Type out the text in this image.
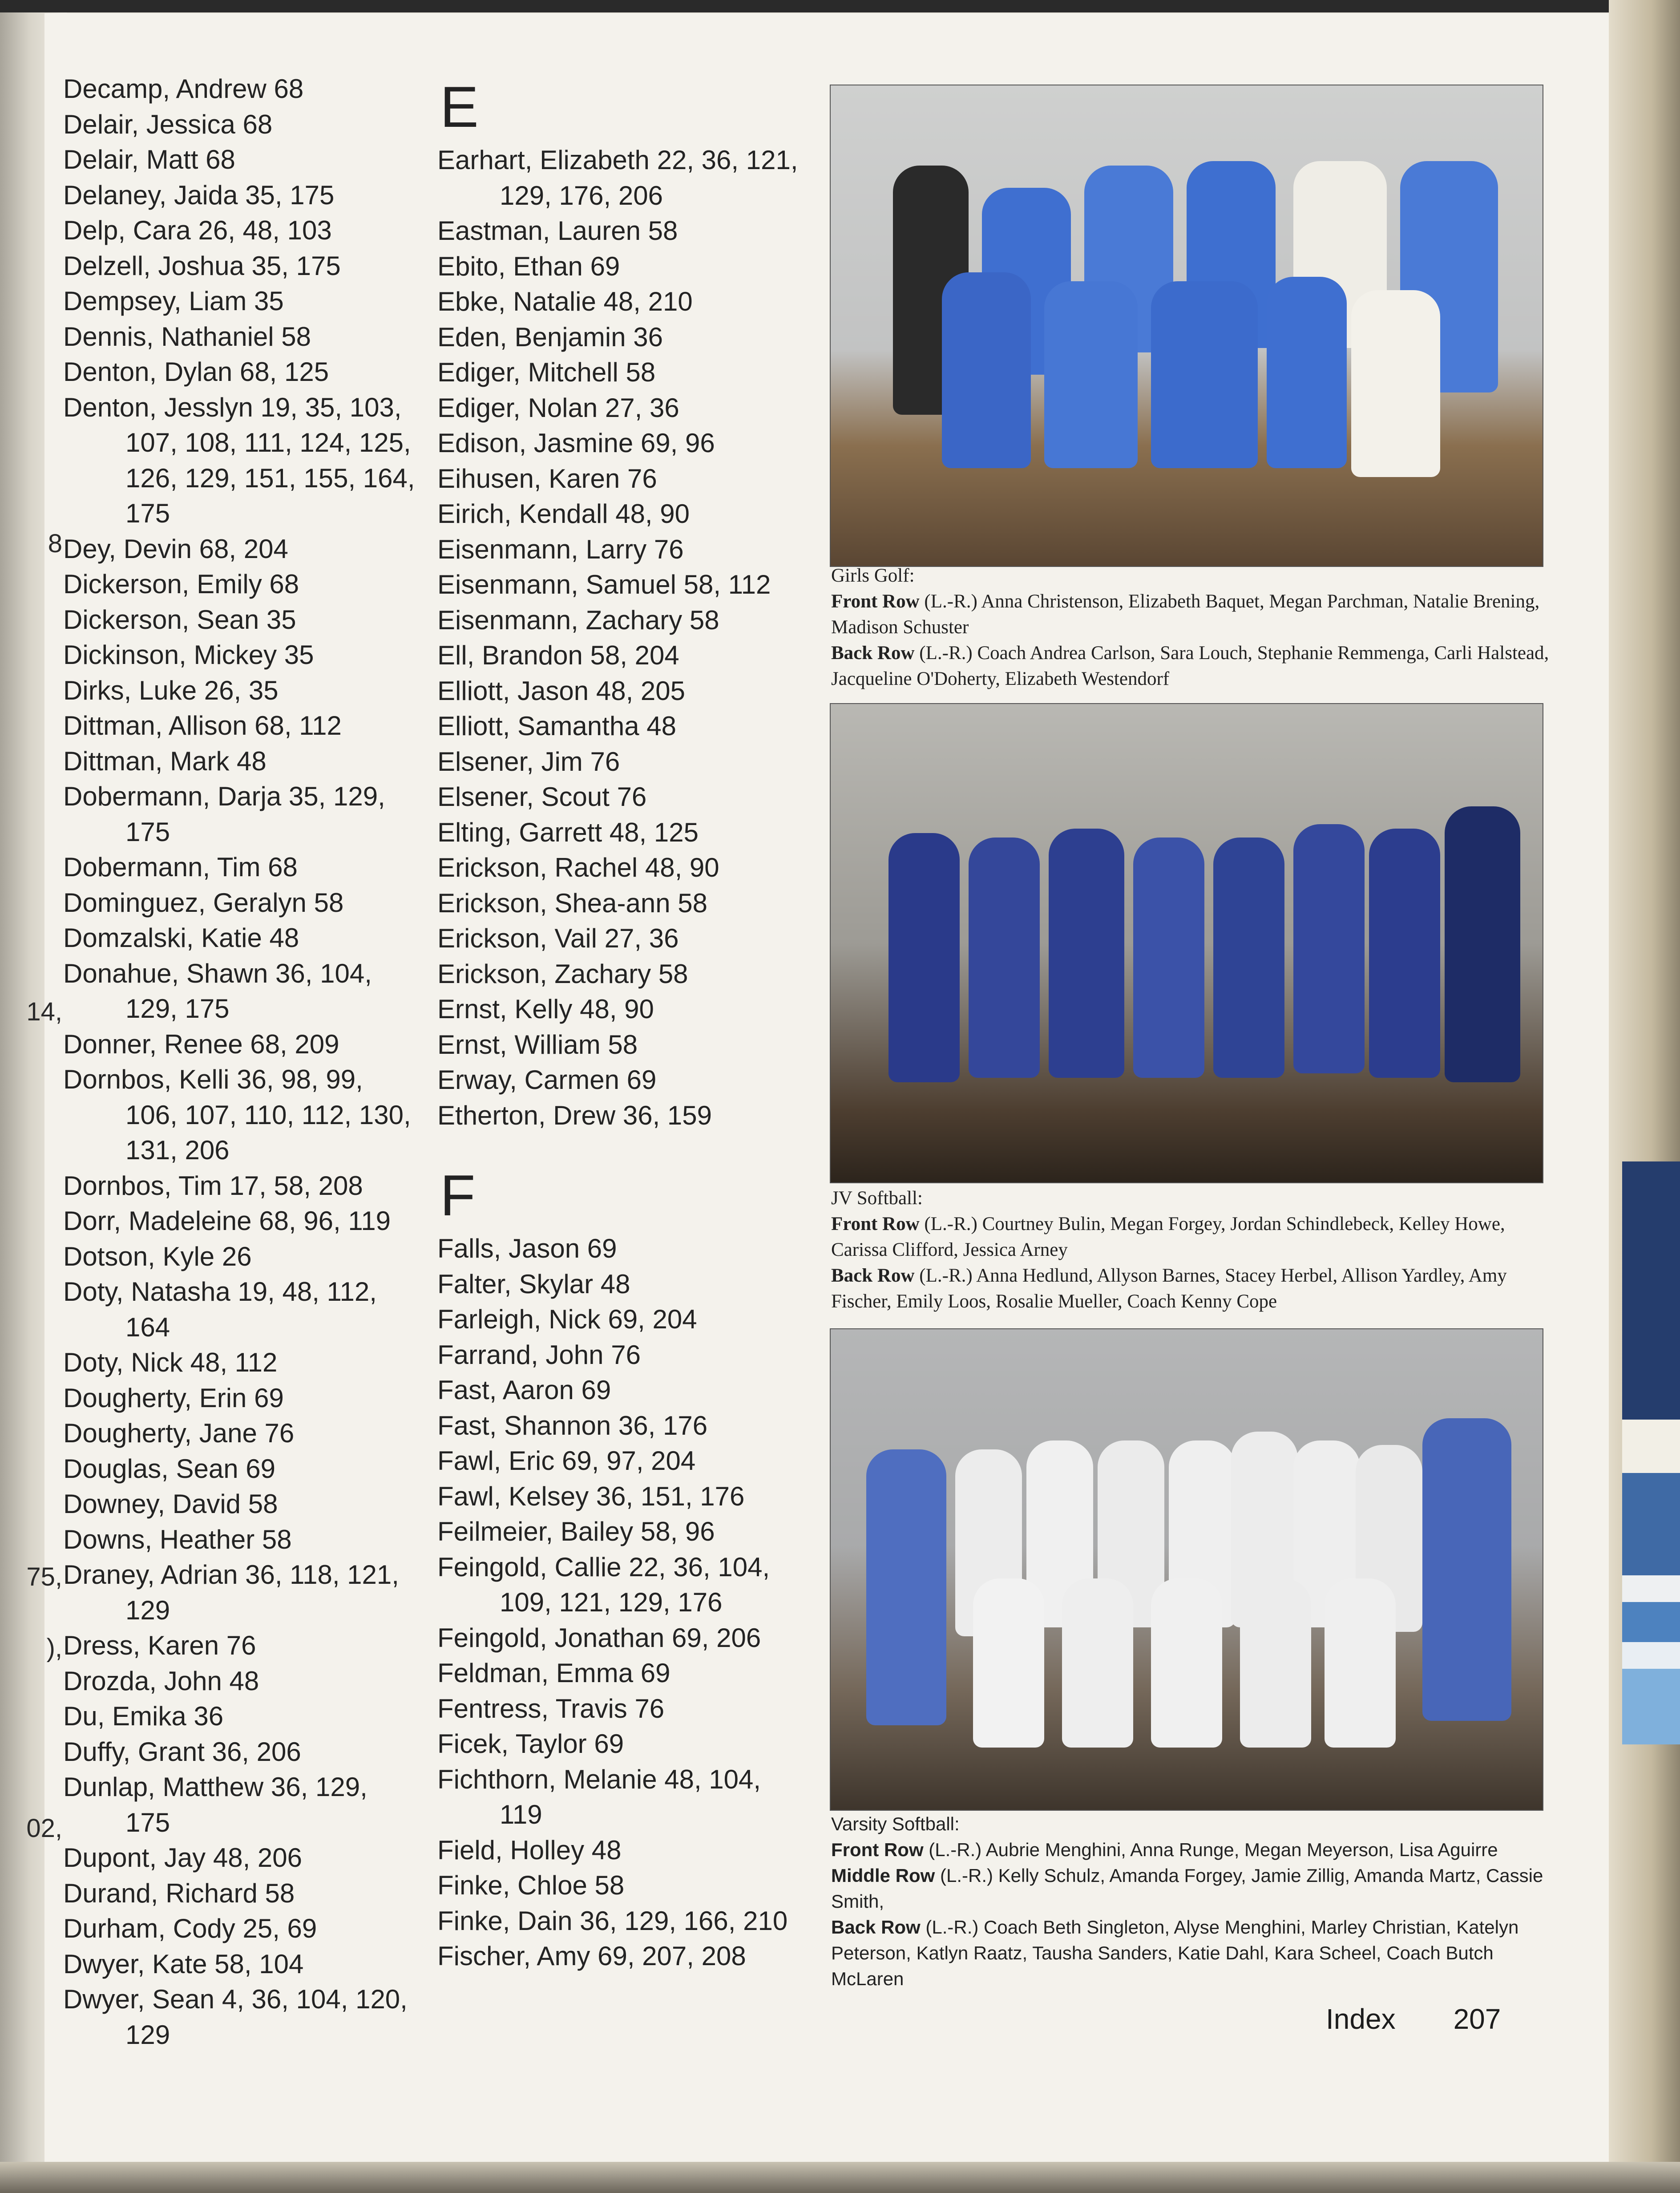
8
14,
75,
),
02,
Decamp, Andrew 68
Delair, Jessica 68
Delair, Matt 68
Delaney, Jaida 35, 175
Delp, Cara 26, 48, 103
Delzell, Joshua 35, 175
Dempsey, Liam 35
Dennis, Nathaniel 58
Denton, Dylan 68, 125
Denton, Jesslyn 19, 35, 103, 107, 108, 111, 124, 125, 126, 129, 151, 155, 164, 175
Dey, Devin 68, 204
Dickerson, Emily 68
Dickerson, Sean 35
Dickinson, Mickey 35
Dirks, Luke 26, 35
Dittman, Allison 68, 112
Dittman, Mark 48
Dobermann, Darja 35, 129, 175
Dobermann, Tim 68
Dominguez, Geralyn 58
Domzalski, Katie 48
Donahue, Shawn 36, 104, 129, 175
Donner, Renee 68, 209
Dornbos, Kelli 36, 98, 99, 106, 107, 110, 112, 130, 131, 206
Dornbos, Tim 17, 58, 208
Dorr, Madeleine 68, 96, 119
Dotson, Kyle 26
Doty, Natasha 19, 48, 112, 164
Doty, Nick 48, 112
Dougherty, Erin 69
Dougherty, Jane 76
Douglas, Sean 69
Downey, David 58
Downs, Heather 58
Draney, Adrian 36, 118, 121, 129
Dress, Karen 76
Drozda, John 48
Du, Emika 36
Duffy, Grant 36, 206
Dunlap, Matthew 36, 129, 175
Dupont, Jay 48, 206
Durand, Richard 58
Durham, Cody 25, 69
Dwyer, Kate 58, 104
Dwyer, Sean 4, 36, 104, 120, 129
E
Earhart, Elizabeth 22, 36, 121, 129, 176, 206
Eastman, Lauren 58
Ebito, Ethan 69
Ebke, Natalie 48, 210
Eden, Benjamin 36
Ediger, Mitchell 58
Ediger, Nolan 27, 36
Edison, Jasmine 69, 96
Eihusen, Karen 76
Eirich, Kendall 48, 90
Eisenmann, Larry 76
Eisenmann, Samuel 58, 112
Eisenmann, Zachary 58
Ell, Brandon 58, 204
Elliott, Jason 48, 205
Elliott, Samantha 48
Elsener, Jim 76
Elsener, Scout 76
Elting, Garrett 48, 125
Erickson, Rachel 48, 90
Erickson, Shea-ann 58
Erickson, Vail 27, 36
Erickson, Zachary 58
Ernst, Kelly 48, 90
Ernst, William 58
Erway, Carmen 69
Etherton, Drew 36, 159
F
Falls, Jason 69
Falter, Skylar 48
Farleigh, Nick 69, 204
Farrand, John 76
Fast, Aaron 69
Fast, Shannon 36, 176
Fawl, Eric 69, 97, 204
Fawl, Kelsey 36, 151, 176
Feilmeier, Bailey 58, 96
Feingold, Callie 22, 36, 104, 109, 121, 129, 176
Feingold, Jonathan 69, 206
Feldman, Emma 69
Fentress, Travis 76
Ficek, Taylor 69
Fichthorn, Melanie 48, 104, 119
Field, Holley 48
Finke, Chloe 58
Finke, Dain 36, 129, 166, 210
Fischer, Amy 69, 207, 208
Girls Golf:
Front Row (L.-R.) Anna Christenson, Elizabeth Baquet, Megan Parchman, Natalie Brening, Madison Schuster
Back Row (L.-R.) Coach Andrea Carlson, Sara Louch, Stephanie Remmenga, Carli Halstead, Jacqueline O'Doherty, Elizabeth Westendorf
JV Softball:
Front Row (L.-R.) Courtney Bulin, Megan Forgey, Jordan Schindlebeck, Kelley Howe, Carissa Clifford, Jessica Arney
Back Row (L.-R.) Anna Hedlund, Allyson Barnes, Stacey Herbel, Allison Yardley, Amy Fischer, Emily Loos, Rosalie Mueller, Coach Kenny Cope
Varsity Softball:
Front Row (L.-R.) Aubrie Menghini, Anna Runge, Megan Meyerson, Lisa Aguirre
Middle Row (L.-R.) Kelly Schulz, Amanda Forgey, Jamie Zillig, Amanda Martz, Cassie Smith,
Back Row (L.-R.) Coach Beth Singleton, Alyse Menghini, Marley Christian, Katelyn Peterson, Katlyn Raatz, Tausha Sanders, Katie Dahl, Kara Scheel, Coach Butch McLaren
Index 207
